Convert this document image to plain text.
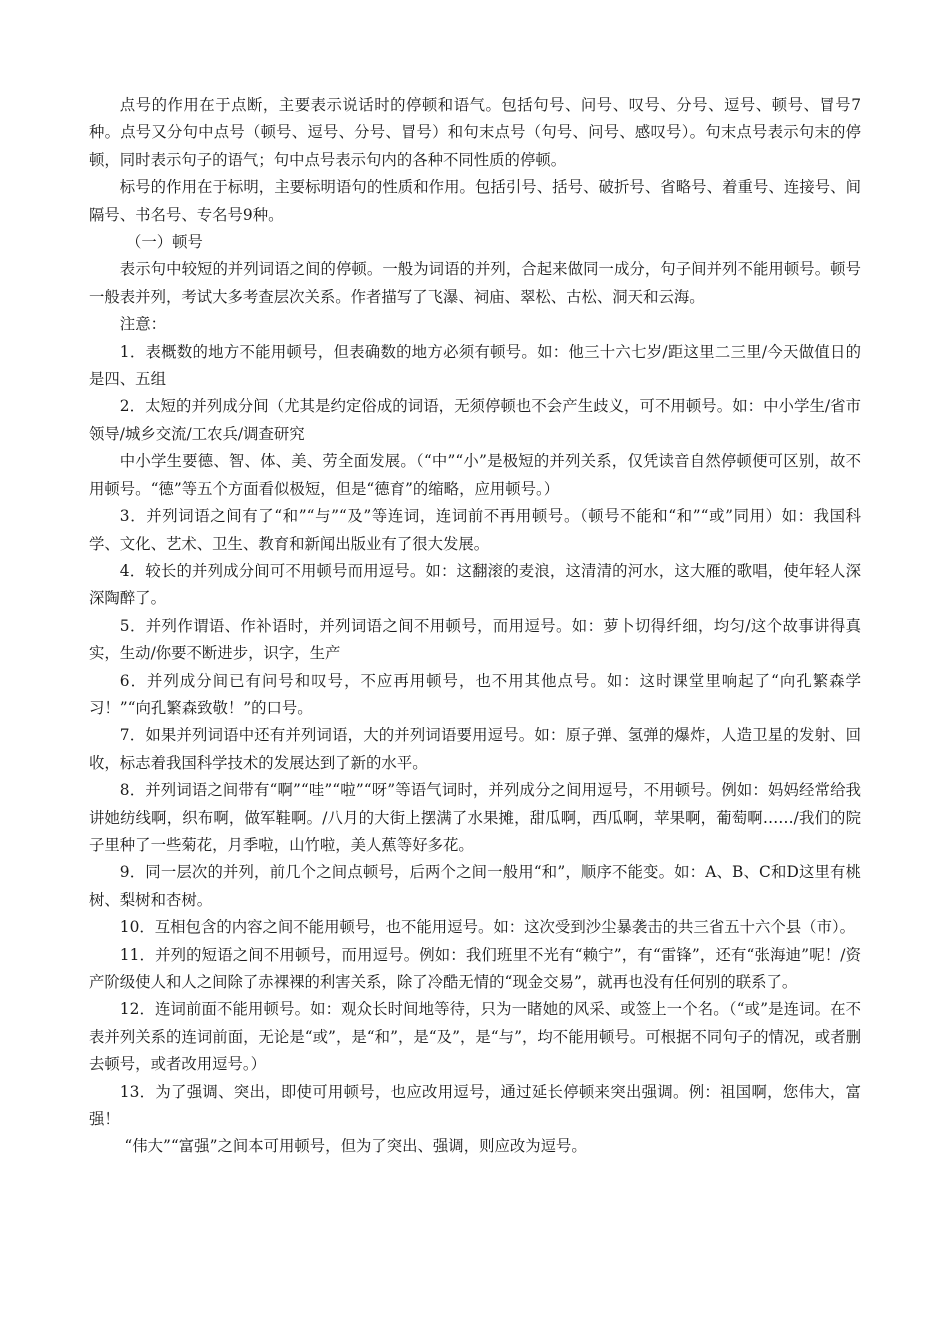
点号的作用在于点断，主要表示说话时的停顿和语气。包括句号、问号、叹号、分号、逗号、顿号、冒号7种。点号又分句中点号（顿号、逗号、分号、冒号）和句末点号（句号、问号、感叹号）。句末点号表示句末的停顿，同时表示句子的语气；句中点号表示句内的各种不同性质的停顿。

标号的作用在于标明，主要标明语句的性质和作用。包括引号、括号、破折号、省略号、着重号、连接号、间隔号、书名号、专名号9种。

（一）顿号

表示句中较短的并列词语之间的停顿。一般为词语的并列，合起来做同一成分，句子间并列不能用顿号。顿号一般表并列，考试大多考查层次关系。作者描写了飞瀑、祠庙、翠松、古松、洞天和云海。

注意：

1．表概数的地方不能用顿号，但表确数的地方必须有顿号。如：他三十六七岁/距这里二三里/今天做值日的是四、五组

2．太短的并列成分间（尤其是约定俗成的词语，无须停顿也不会产生歧义，可不用顿号。如：中小学生/省市领导/城乡交流/工农兵/调查研究

中小学生要德、智、体、美、劳全面发展。（“中”“小”是极短的并列关系，仅凭读音自然停顿便可区别，故不用顿号。“德”等五个方面看似极短，但是“德育”的缩略，应用顿号。）

3．并列词语之间有了“和”“与”“及”等连词，连词前不再用顿号。（顿号不能和“和”“或”同用）如：我国科学、文化、艺术、卫生、教育和新闻出版业有了很大发展。

4．较长的并列成分间可不用顿号而用逗号。如：这翻滚的麦浪，这清清的河水，这大雁的歌唱，使年轻人深深陶醉了。

5．并列作谓语、作补语时，并列词语之间不用顿号，而用逗号。如：萝卜切得纤细，均匀/这个故事讲得真实，生动/你要不断进步，识字，生产

6．并列成分间已有问号和叹号，不应再用顿号，也不用其他点号。如：这时课堂里响起了“向孔繁森学习！”“向孔繁森致敬！”的口号。

7．如果并列词语中还有并列词语，大的并列词语要用逗号。如：原子弹、氢弹的爆炸，人造卫星的发射、回收，标志着我国科学技术的发展达到了新的水平。

8．并列词语之间带有“啊”“哇”“啦”“呀”等语气词时，并列成分之间用逗号，不用顿号。例如：妈妈经常给我讲她纺线啊，织布啊，做军鞋啊。/八月的大街上摆满了水果摊，甜瓜啊，西瓜啊，苹果啊，葡萄啊……/我们的院子里种了一些菊花，月季啦，山竹啦，美人蕉等好多花。

9．同一层次的并列，前几个之间点顿号，后两个之间一般用“和”，顺序不能变。如：A、B、C和D这里有桃树、梨树和杏树。

10．互相包含的内容之间不能用顿号，也不能用逗号。如：这次受到沙尘暴袭击的共三省五十六个县（市）。

11．并列的短语之间不用顿号，而用逗号。例如：我们班里不光有“赖宁”，有“雷锋”，还有“张海迪”呢！/资产阶级使人和人之间除了赤裸裸的利害关系，除了冷酷无情的“现金交易”，就再也没有任何别的联系了。

12．连词前面不能用顿号。如：观众长时间地等待，只为一睹她的风采、或签上一个名。（“或”是连词。在不表并列关系的连词前面，无论是“或”，是“和”，是“及”，是“与”，均不能用顿号。可根据不同句子的情况，或者删去顿号，或者改用逗号。）

13．为了强调、突出，即使可用顿号，也应改用逗号，通过延长停顿来突出强调。例：祖国啊，您伟大，富强！

“伟大”“富强”之间本可用顿号，但为了突出、强调，则应改为逗号。
